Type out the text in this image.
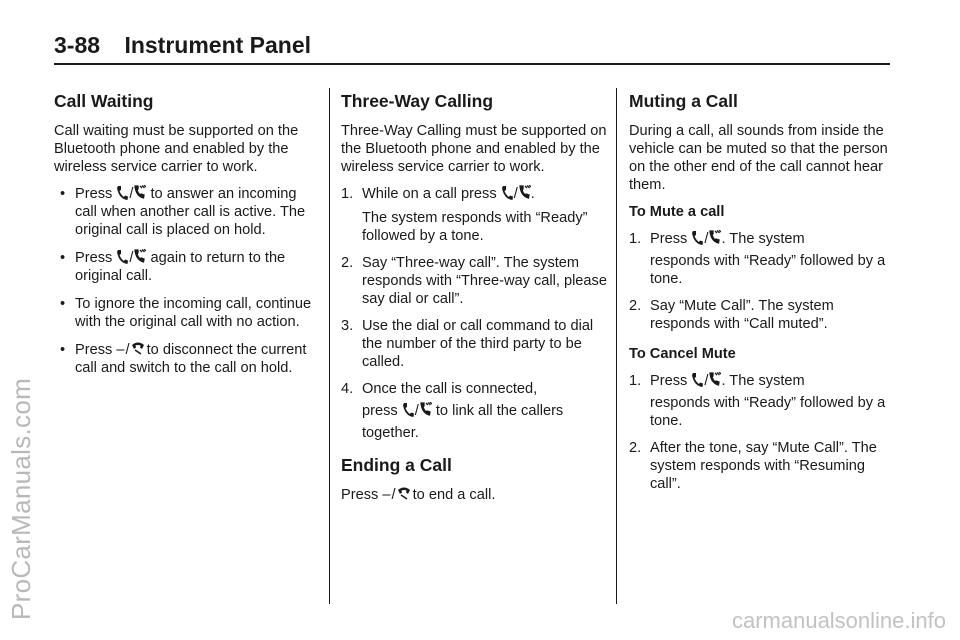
3-88 Instrument Panel
Call Waiting

Call waiting must be supported on the Bluetooth phone and enabled by the wireless service carrier to work.

• Press / to answer an incoming call when another call is active. The original call is placed on hold.
• Press / again to return to the original call.
• To ignore the incoming call, continue with the original call with no action.
• Press –/ to disconnect the current call and switch to the call on hold.
Three-Way Calling

Three-Way Calling must be supported on the Bluetooth phone and enabled by the wireless service carrier to work.

1. While on a call press / .
The system responds with “Ready” followed by a tone.
2. Say “Three-way call”. The system responds with “Three-way call, please say dial or call”.
3. Use the dial or call command to dial the number of the third party to be called.
4. Once the call is connected,
press / to link all the callers
together.
Ending a Call

Press –/ to end a call.

Muting a Call

During a call, all sounds from inside the vehicle can be muted so that the person on the other end of the call cannot hear them.

To Mute a call
1. Press / . The system
responds with “Ready” followed by a tone.
2. Say “Mute Call”. The system responds with “Call muted”.
To Cancel Mute
1. Press / . The system
responds with “Ready” followed by a tone.
2. After the tone, say “Mute Call”. The system responds with “Resuming call”.
ProCarManuals.com
carmanualsonline.info
